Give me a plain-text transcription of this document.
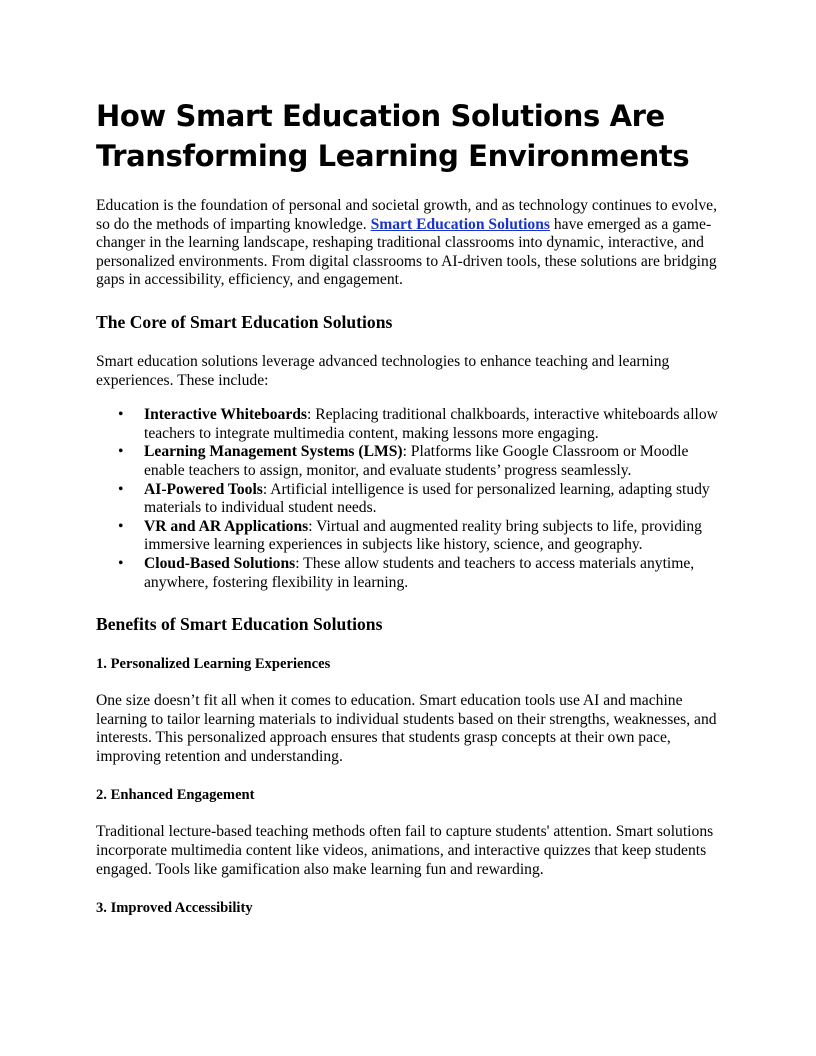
How Smart Education Solutions Are Transforming Learning Environments

Education is the foundation of personal and societal growth, and as technology continues to evolve, so do the methods of imparting knowledge. Smart Education Solutions have emerged as a game-changer in the learning landscape, reshaping traditional classrooms into dynamic, interactive, and personalized environments. From digital classrooms to AI-driven tools, these solutions are bridging gaps in accessibility, efficiency, and engagement.

The Core of Smart Education Solutions

Smart education solutions leverage advanced technologies to enhance teaching and learning experiences. These include:

• Interactive Whiteboards: Replacing traditional chalkboards, interactive whiteboards allow teachers to integrate multimedia content, making lessons more engaging.
• Learning Management Systems (LMS): Platforms like Google Classroom or Moodle enable teachers to assign, monitor, and evaluate students’ progress seamlessly.
• AI-Powered Tools: Artificial intelligence is used for personalized learning, adapting study materials to individual student needs.
• VR and AR Applications: Virtual and augmented reality bring subjects to life, providing immersive learning experiences in subjects like history, science, and geography.
• Cloud-Based Solutions: These allow students and teachers to access materials anytime, anywhere, fostering flexibility in learning.
Benefits of Smart Education Solutions
1. Personalized Learning Experiences

One size doesn’t fit all when it comes to education. Smart education tools use AI and machine learning to tailor learning materials to individual students based on their strengths, weaknesses, and interests. This personalized approach ensures that students grasp concepts at their own pace, improving retention and understanding.

2. Enhanced Engagement

Traditional lecture-based teaching methods often fail to capture students' attention. Smart solutions incorporate multimedia content like videos, animations, and interactive quizzes that keep students engaged. Tools like gamification also make learning fun and rewarding.

3. Improved Accessibility
